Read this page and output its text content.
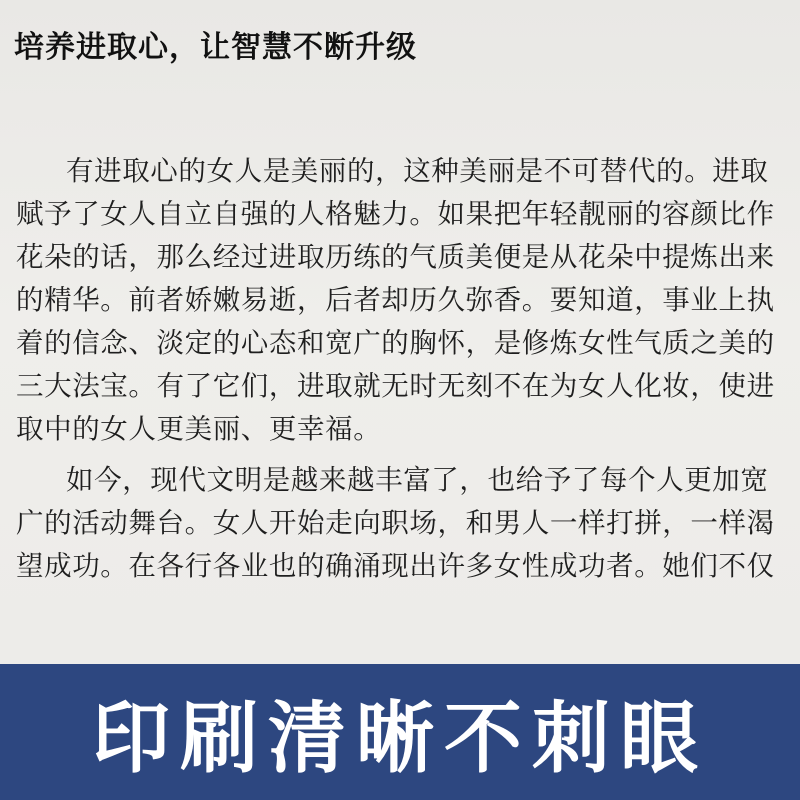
培养进取心，让智慧不断升级
有进取心的女人是美丽的，这种美丽是不可替代的。进取
赋予了女人自立自强的人格魅力。如果把年轻靓丽的容颜比作
花朵的话，那么经过进取历练的气质美便是从花朵中提炼出来
的精华。前者娇嫩易逝，后者却历久弥香。要知道，事业上执
着的信念、淡定的心态和宽广的胸怀，是修炼女性气质之美的
三大法宝。有了它们，进取就无时无刻不在为女人化妆，使进
取中的女人更美丽、更幸福。
如今，现代文明是越来越丰富了，也给予了每个人更加宽
广的活动舞台。女人开始走向职场，和男人一样打拼，一样渴
望成功。在各行各业也的确涌现出许多女性成功者。她们不仅
印刷清晰不刺眼
